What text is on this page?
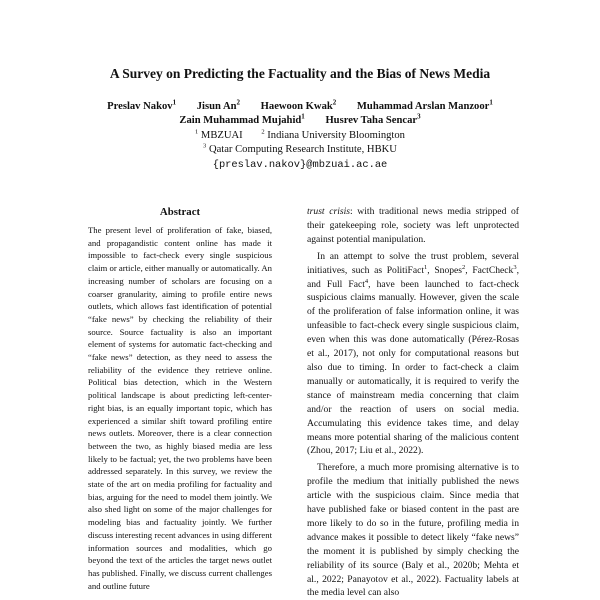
A Survey on Predicting the Factuality and the Bias of News Media
Preslav Nakov$^1$ Jisun An$^2$ Haewoon Kwak$^2$ Muhammad Arslan Manzoor$^1$
Zain Muhammad Mujahid$^1$ Husrev Taha Sencar$^3$
$^1$ MBZUAI	$^2$ Indiana University Bloomington
$^3$ Qatar Computing Research Institute, HBKU
{preslav.nakov}@mbzuai.ac.ae
Abstract
The present level of proliferation of fake, biased, and propagandistic content online has made it impossible to fact-check every single suspicious claim or article, either manually or automatically. An increasing number of scholars are focusing on a coarser granularity, aiming to profile entire news outlets, which allows fast identification of potential “fake news” by checking the reliability of their source. Source factuality is also an important element of systems for automatic fact-checking and “fake news” detection, as they need to assess the reliability of the evidence they retrieve online. Political bias detection, which in the Western political landscape is about predicting left-center-right bias, is an equally important topic, which has experienced a similar shift toward profiling entire news outlets. Moreover, there is a clear connection between the two, as highly biased media are less likely to be factual; yet, the two problems have been addressed separately. In this survey, we review the state of the art on media profiling for factuality and bias, arguing for the need to model them jointly. We also shed light on some of the major challenges for modeling bias and factuality jointly. We further discuss interesting recent advances in using different information sources and modalities, which go beyond the text of the articles the target news outlet has published. Finally, we discuss current challenges and outline future

trust crisis: with traditional news media stripped of their gatekeeping role, society was left unprotected against potential manipulation.

In an attempt to solve the trust problem, several initiatives, such as PolitiFact$^1$, Snopes$^2$, FactCheck$^3$, and Full Fact$^4$, have been launched to fact-check suspicious claims manually. However, given the scale of the proliferation of false information online, it was unfeasible to fact-check every single suspicious claim, even when this was done automatically (Pérez-Rosas et al., 2017), not only for computational reasons but also due to timing. In order to fact-check a claim manually or automatically, it is required to verify the stance of mainstream media concerning that claim and/or the reaction of users on social media. Accumulating this evidence takes time, and delay means more potential sharing of the malicious content (Zhou, 2017; Liu et al., 2022).

Therefore, a much more promising alternative is to profile the medium that initially published the news article with the suspicious claim. Since media that have published fake or biased content in the past are more likely to do so in the future, profiling media in advance makes it possible to detect likely “fake news” the moment it is published by simply checking the reliability of its source (Baly et al., 2020b; Mehta et al., 2022; Panayotov et al., 2022). Factuality labels at the media level can also
